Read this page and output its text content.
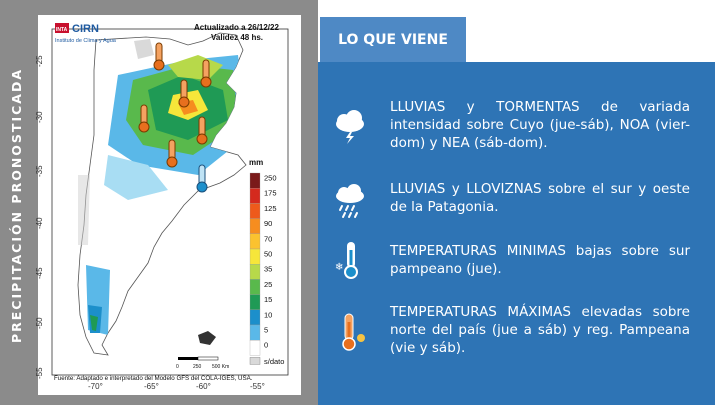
PRECIPITACIÓN PRONOSTICADA
-25
-30
-35
-40
-45
-50
-55
-70°	-65°	-60°	-55°
INTA CIRN
Instituto de Clima y Agua
Actualizado a 26/12/22
Validez 48 hs.
mm
250
175
125
90
70
50
35
25
15
10
5
0
s/dato
0	250 500 Km
Fuente: Adaptado e interpretado del Modelo GFS del COLA-IGES, USA.
LO QUE VIENE
LLUVIAS y TORMENTAS de variada intensidad sobre Cuyo (jue-sáb), NOA (vier-dom) y NEA (sáb-dom).
LLUVIAS y LLOVIZNAS sobre el sur y oeste de la Patagonia.
❄
TEMPERATURAS MINIMAS bajas sobre sur pampeano (jue).
TEMPERATURAS MÁXIMAS elevadas sobre norte del país (jue a sáb) y reg. Pampeana (vie y sáb).
